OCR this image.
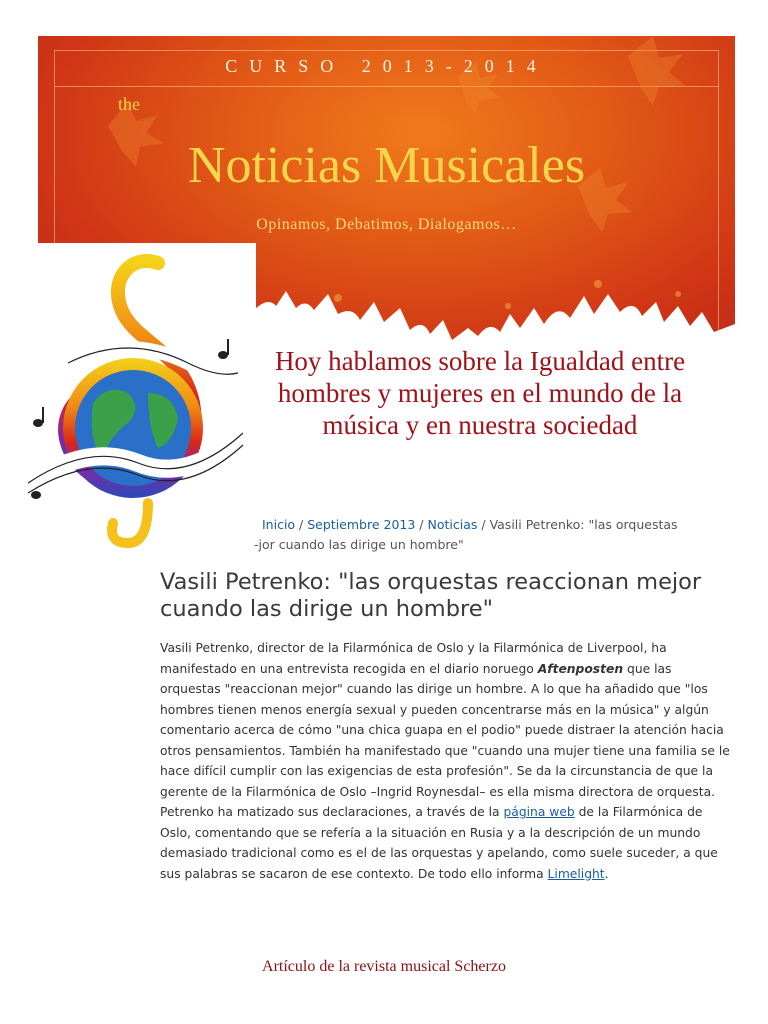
CURSO 2013-2014
the
Noticias Musicales
Opinamos, Debatimos, Dialogamos…
Hoy hablamos sobre la Igualdad entre hombres y mujeres en el mundo de la música y en nuestra sociedad
Inicio / Septiembre 2013 / Noticias / Vasili Petrenko: "las orquestas
-jor cuando las dirige un hombre"
Vasili Petrenko: "las orquestas reaccionan mejor cuando las dirige un hombre"
Vasili Petrenko, director de la Filarmónica de Oslo y la Filarmónica de Liverpool, ha manifestado en una entrevista recogida en el diario noruego Aftenposten que las orquestas "reaccionan mejor" cuando las dirige un hombre. A lo que ha añadido que "los hombres tienen menos energía sexual y pueden concentrarse más en la música" y algún comentario acerca de cómo "una chica guapa en el podio" puede distraer la atención hacia otros pensamientos. También ha manifestado que "cuando una mujer tiene una familia se le hace difícil cumplir con las exigencias de esta profesión". Se da la circunstancia de que la gerente de la Filarmónica de Oslo –Ingrid Roynesdal– es ella misma directora de orquesta. Petrenko ha matizado sus declaraciones, a través de la página web de la Filarmónica de Oslo, comentando que se refería a la situación en Rusia y a la descripción de un mundo demasiado tradicional como es el de las orquestas y apelando, como suele suceder, a que sus palabras se sacaron de ese contexto. De todo ello informa Limelight.
Artículo de la revista musical Scherzo
